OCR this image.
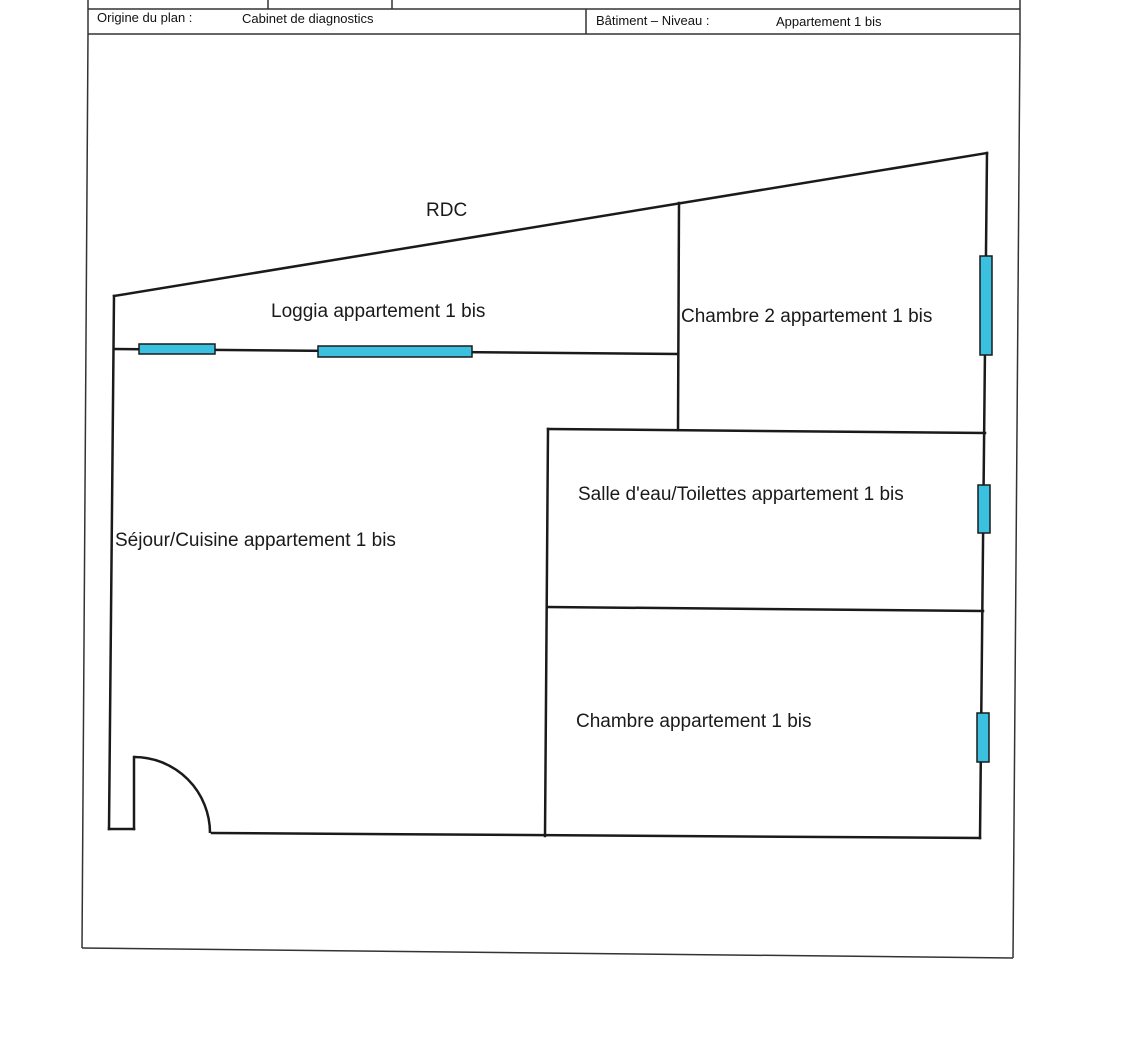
Origine du plan :	Cabinet de diagnostics	Bâtiment – Niveau :	Appartement 1 bis
RDC
Loggia appartement 1 bis	Chambre 2 appartement 1 bis
Salle d'eau/Toilettes appartement 1 bis
Séjour/Cuisine appartement 1 bis
Chambre appartement 1 bis
